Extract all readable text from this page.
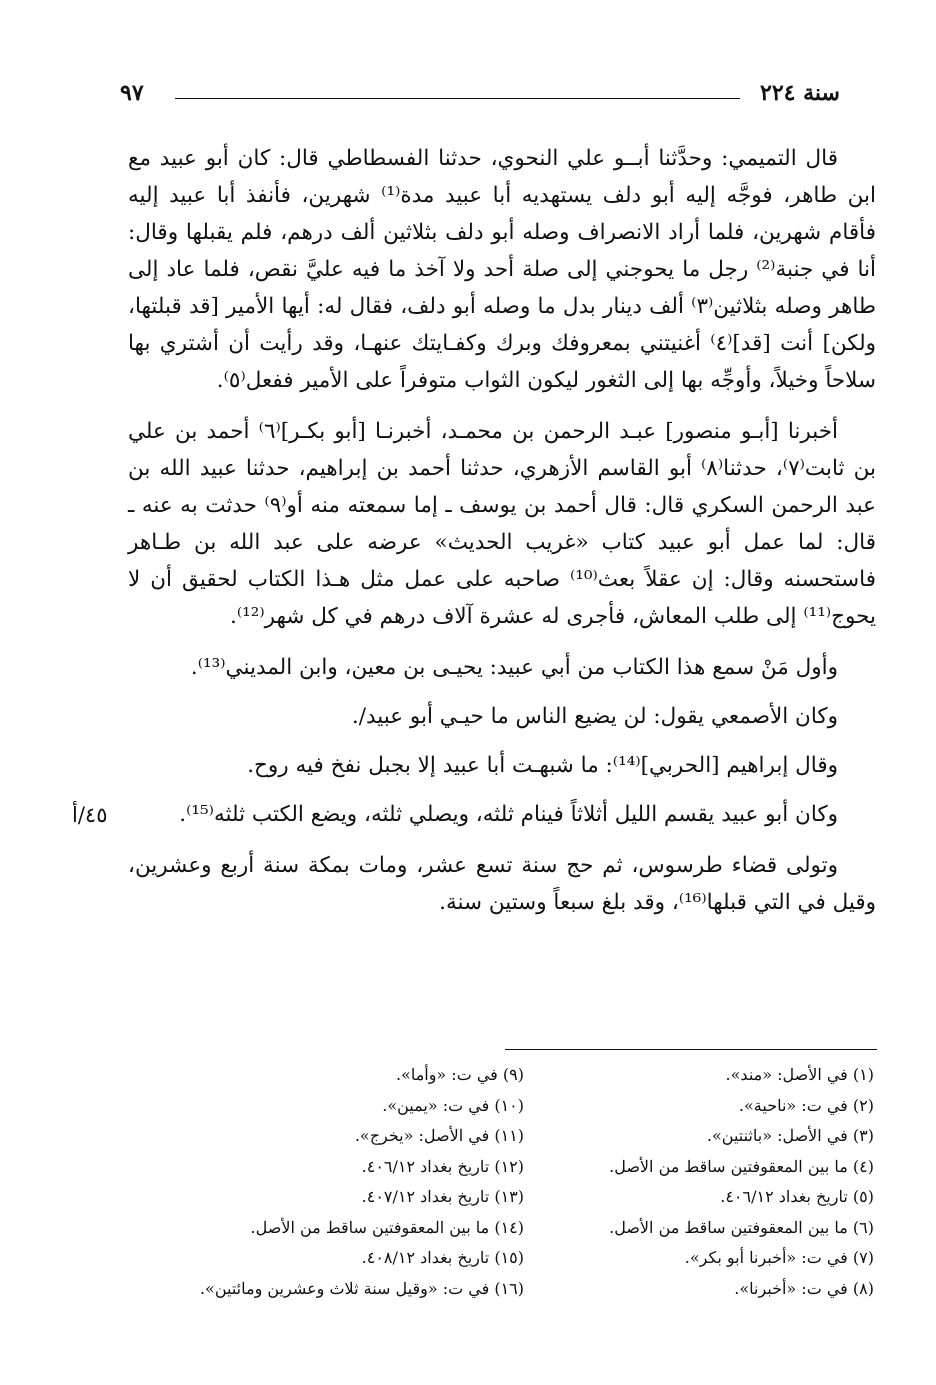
٩٧	سنة ٢٢٤

قال التميمي: وحدَّثنا أبــو علي النحوي، حدثنا الفسطاطي قال: كان أبو عبيد مع ابن طاهر، فوجَّه إليه أبو دلف يستهديه أبا عبيد مدة⁽¹⁾ شهرين، فأنفذ أبا عبيد إليه فأقام شهرين، فلما أراد الانصراف وصله أبو دلف بثلاثين ألف درهم، فلم يقبلها وقال: أنا في جنبة⁽²⁾ رجل ما يحوجني إلى صلة أحد ولا آخذ ما فيه عليَّ نقص، فلما عاد إلى طاهر وصله بثلاثين⁽٣⁾ ألف دينار بدل ما وصله أبو دلف، فقال له: أيها الأمير [قد قبلتها، ولكن] أنت [قد]⁽٤⁾ أغنيتني بمعروفك وبرك وكفـايتك عنهـا، وقد رأيت أن أشتري بها سلاحاً وخيلاً، وأوجِّه بها إلى الثغور ليكون الثواب متوفراً على الأمير ففعل⁽٥⁾.

أخبرنا [أبـو منصور] عبـد الرحمن بن محمـد، أخبرنـا [أبو بكـر]⁽٦⁾ أحمد بن علي بن ثابت⁽٧⁾، حدثنا⁽٨⁾ أبو القاسم الأزهري، حدثنا أحمد بن إبراهيم، حدثنا عبيد الله بن عبد الرحمن السكري قال: قال أحمد بن يوسف ـ إما سمعته منه أو⁽٩⁾ حدثت به عنه ـ قال: لما عمل أبو عبيد كتاب «غريب الحديث» عرضه على عبد الله بن طـاهر فاستحسنه وقال: إن عقلاً بعث⁽¹⁰⁾ صاحبه على عمل مثل هـذا الكتاب لحقيق أن لا يحوج⁽¹¹⁾ إلى طلب المعاش، فأجرى له عشرة آلاف درهم في كل شهر⁽¹²⁾.

وأول مَنْ سمع هذا الكتاب من أبي عبيد: يحيـى بن معين، وابن المديني⁽¹³⁾.

وكان الأصمعي يقول: لن يضيع الناس ما حيـي أبو عبيد/.

وقال إبراهيم [الحربي]⁽¹⁴⁾: ما شبهـت أبا عبيد إلا بجبل نفخ فيه روح.

وكان أبو عبيد يقسم الليل أثلاثاً فينام ثلثه، ويصلي ثلثه، ويضع الكتب ثلثه⁽¹⁵⁾.

وتولى قضاء طرسوس، ثم حج سنة تسع عشر، ومات بمكة سنة أربع وعشرين، وقيل في التي قبلها⁽¹⁶⁾، وقد بلغ سبعاً وستين سنة.

٤٥/أ
(١) في الأصل: «مند».
(٢) في ت: «ناحية».
(٣) في الأصل: «باثنتين».
(٤) ما بين المعقوفتين ساقط من الأصل.
(٥) تاريخ بغداد ٤٠٦/١٢.
(٦) ما بين المعقوفتين ساقط من الأصل.
(٧) في ت: «أخبرنا أبو بكر».
(٨) في ت: «أخبرنا».
(٩) في ت: «وأما».
(١٠) في ت: «يمين».
(١١) في الأصل: «يخرج».
(١٢) تاريخ بغداد ٤٠٦/١٢.
(١٣) تاريخ بغداد ٤٠٧/١٢.
(١٤) ما بين المعقوفتين ساقط من الأصل.
(١٥) تاريخ بغداد ٤٠٨/١٢.
(١٦) في ت: «وقيل سنة ثلاث وعشرين ومائتين».
